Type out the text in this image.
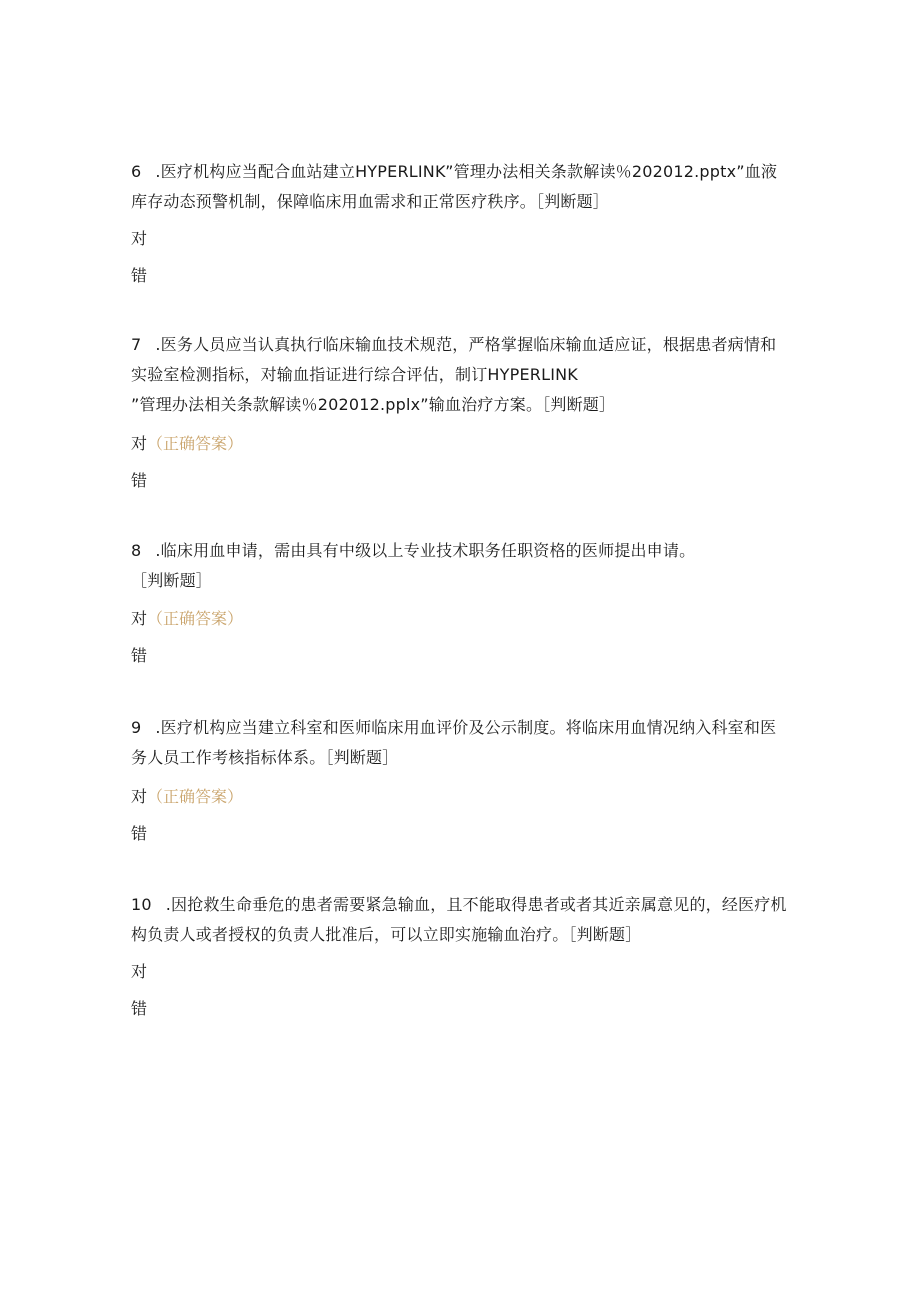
6 .医疗机构应当配合血站建立HYPERLINK”管理办法相关条款解读％202012.pptx”血液库存动态预警机制，保障临床用血需求和正常医疗秩序。［判断题］
对
错
7 .医务人员应当认真执行临床输血技术规范，严格掌握临床输血适应证，根据患者病情和实验室检测指标，对输血指证进行综合评估，制订HYPERLINK
”管理办法相关条款解读％202012.pplx”输血治疗方案。［判断题］
对（正确答案）
错
8 .临床用血申请，需由具有中级以上专业技术职务任职资格的医师提出申请。
［判断题］
对（正确答案）
错
9 .医疗机构应当建立科室和医师临床用血评价及公示制度。将临床用血情况纳入科室和医务人员工作考核指标体系。［判断题］
对（正确答案）
错
10 .因抢救生命垂危的患者需要紧急输血，且不能取得患者或者其近亲属意见的，经医疗机构负责人或者授权的负责人批准后，可以立即实施输血治疗。［判断题］
对
错
